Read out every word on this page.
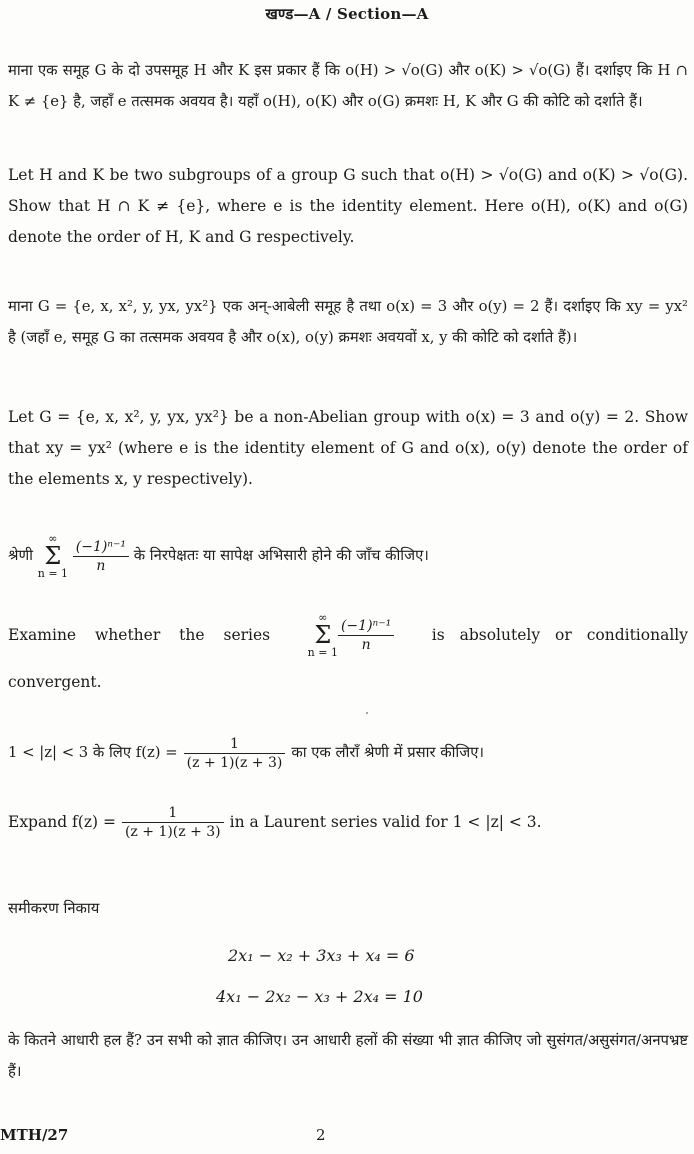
खण्ड—A / Section—A
माना एक समूह G के दो उपसमूह H और K इस प्रकार हैं कि o(H) > √o(G) और o(K) > √o(G) हैं। दर्शाइए कि H ∩ K ≠ {e} है, जहाँ e तत्समक अवयव है। यहाँ o(H), o(K) और o(G) क्रमशः H, K और G की कोटि को दर्शाते हैं।
Let H and K be two subgroups of a group G such that o(H) > √o(G) and o(K) > √o(G). Show that H ∩ K ≠ {e}, where e is the identity element. Here o(H), o(K) and o(G) denote the order of H, K and G respectively.
माना G = {e, x, x², y, yx, yx²} एक अन्-आबेली समूह है तथा o(x) = 3 और o(y) = 2 हैं। दर्शाइए कि xy = yx² है (जहाँ e, समूह G का तत्समक अवयव है और o(x), o(y) क्रमशः अवयवों x, y की कोटि को दर्शाते हैं)।
Let G = {e, x, x², y, yx, yx²} be a non-Abelian group with o(x) = 3 and o(y) = 2. Show that xy = yx² (where e is the identity element of G and o(x), o(y) denote the order of the elements x, y respectively).
श्रेणी ∞
Σ
$n = 1 \frac{\text{(−1)ⁿ⁻¹}}{n}$ के निरपेक्षतः या सापेक्ष अभिसारी होने की जाँच कीजिए।
Examine whether the series
∞
Σ
$n = 1 \frac{\text{(−1)ⁿ⁻¹}}{n}$ is absolutely or conditionally
convergent.
1 < |z| < 3 के लिए $f(z) = \frac{1}{(z + 1)(z + 3)}$ का एक लौराँ श्रेणी में प्रसार कीजिए।
Expand $f(z) = \frac{1}{(z + 1)(z + 3)}$ in a Laurent series valid for 1 < |z| < 3.
समीकरण निकाय
2x₁ − x₂ + 3x₃ + x₄ = 6
4x₁ − 2x₂ − x₃ + 2x₄ = 10
के कितने आधारी हल हैं? उन सभी को ज्ञात कीजिए। उन आधारी हलों की संख्या भी ज्ञात कीजिए जो सुसंगत/असुसंगत/अनपभ्रष्ट हैं।
MTH/27	2
